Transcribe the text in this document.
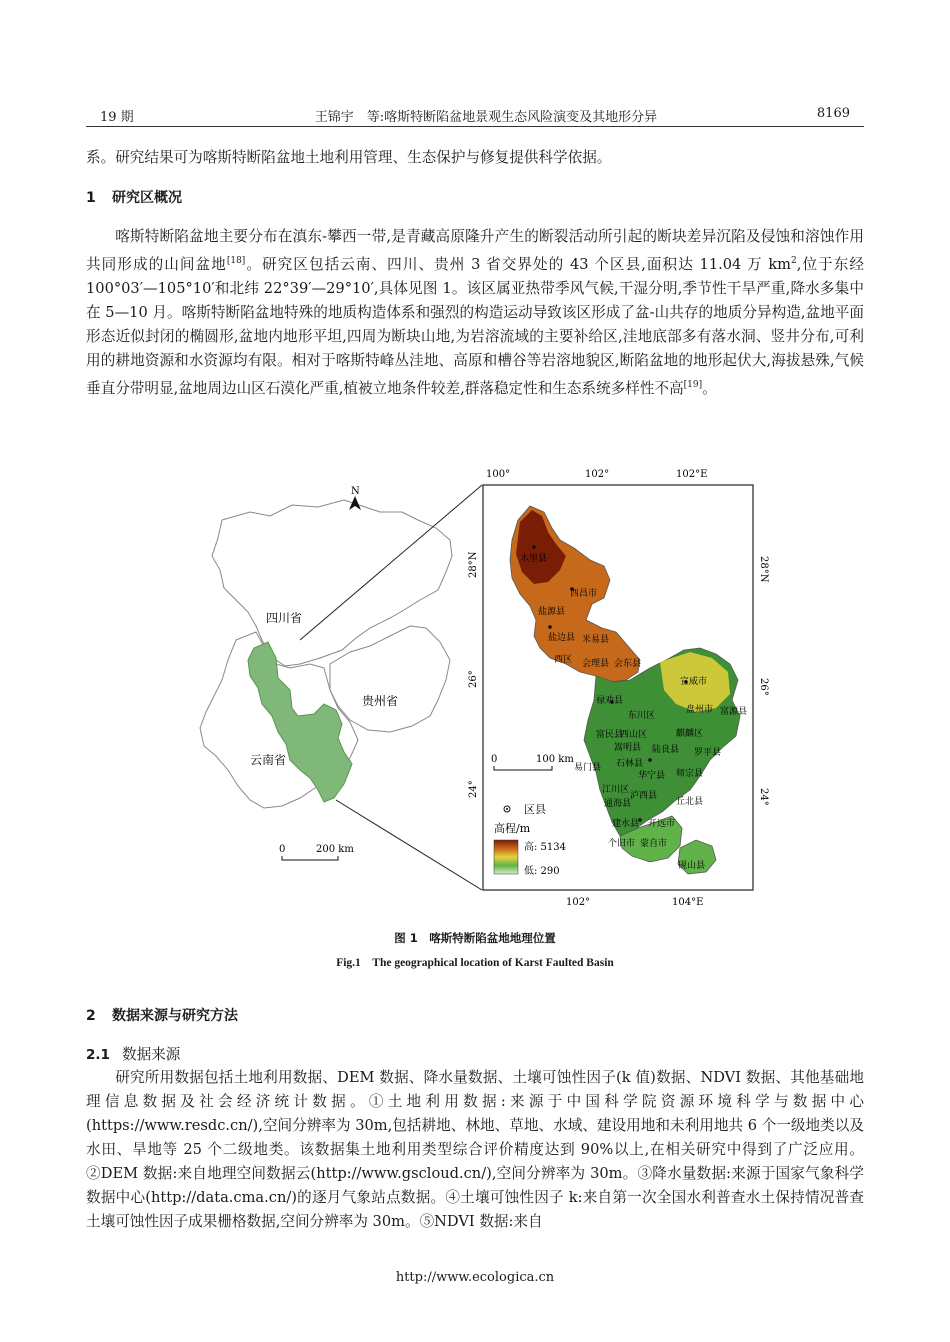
19 期	王锦宇　等:喀斯特断陷盆地景观生态风险演变及其地形分异	8169

系。研究结果可为喀斯特断陷盆地土地利用管理、生态保护与修复提供科学依据。

1 研究区概况

喀斯特断陷盆地主要分布在滇东-攀西一带,是青藏高原隆升产生的断裂活动所引起的断块差异沉陷及侵蚀和溶蚀作用共同形成的山间盆地[18]。研究区包括云南、四川、贵州 3 省交界处的 43 个区县,面积达 11.04 万 $km^2$,位于东经 100°03′—105°10′和北纬 22°39′—29°10′,具体见图 1。该区属亚热带季风气候,干湿分明,季节性干旱严重,降水多集中在 5—10 月。喀斯特断陷盆地特殊的地质构造体系和强烈的构造运动导致该区形成了盆-山共存的地质分异构造,盆地平面形态近似封闭的椭圆形,盆地内地形平坦,四周为断块山地,为岩溶流域的主要补给区,洼地底部多有落水洞、竖井分布,可利用的耕地资源和水资源均有限。相对于喀斯特峰丛洼地、高原和槽谷等岩溶地貌区,断陷盆地的地形起伏大,海拔悬殊,气候垂直分带明显,盆地周边山区石漠化严重,植被立地条件较差,群落稳定性和生态系统多样性不高[19]。

四川省
贵州省
云南省
N
0	200 km
100°	102°	102°E
102°	104°E
28°N
26°
24°
28°N
26°
24°
木里县
西昌市
盐源县
盐边县 米易县
西区 会理县 会东县
宣威市
禄劝县
东川区
盘州市 富源县
富民县
西山区	麒麟区
嵩明县 陆良县 罗平县
易门县 石林县
华宁县 师宗县
江川区
通海县
泸西县
建水县 开远市
个旧市 蒙自市
砚山县
丘北县
0	100 km
区县
高程/m
高: 5134
低: 290
图 1　喀斯特断陷盆地地理位置
Fig.1　The geographical location of Karst Faulted Basin
2 数据来源与研究方法
2.1 数据来源

研究所用数据包括土地利用数据、DEM 数据、降水量数据、土壤可蚀性因子(k 值)数据、NDVI 数据、其他基础地理信息数据及社会经济统计数据。①土地利用数据:来源于中国科学院资源环境科学与数据中心(https://www.resdc.cn/),空间分辨率为 30m,包括耕地、林地、草地、水域、建设用地和未利用地共 6 个一级地类以及水田、旱地等 25 个二级地类。该数据集土地利用类型综合评价精度达到 90%以上,在相关研究中得到了广泛应用。②DEM 数据:来自地理空间数据云(http://www.gscloud.cn/),空间分辨率为 30m。③降水量数据:来源于国家气象科学数据中心(http://data.cma.cn/)的逐月气象站点数据。④土壤可蚀性因子 k:来自第一次全国水利普查水土保持情况普查土壤可蚀性因子成果栅格数据,空间分辨率为 30m。⑤NDVI 数据:来自

http://www.ecologica.cn
